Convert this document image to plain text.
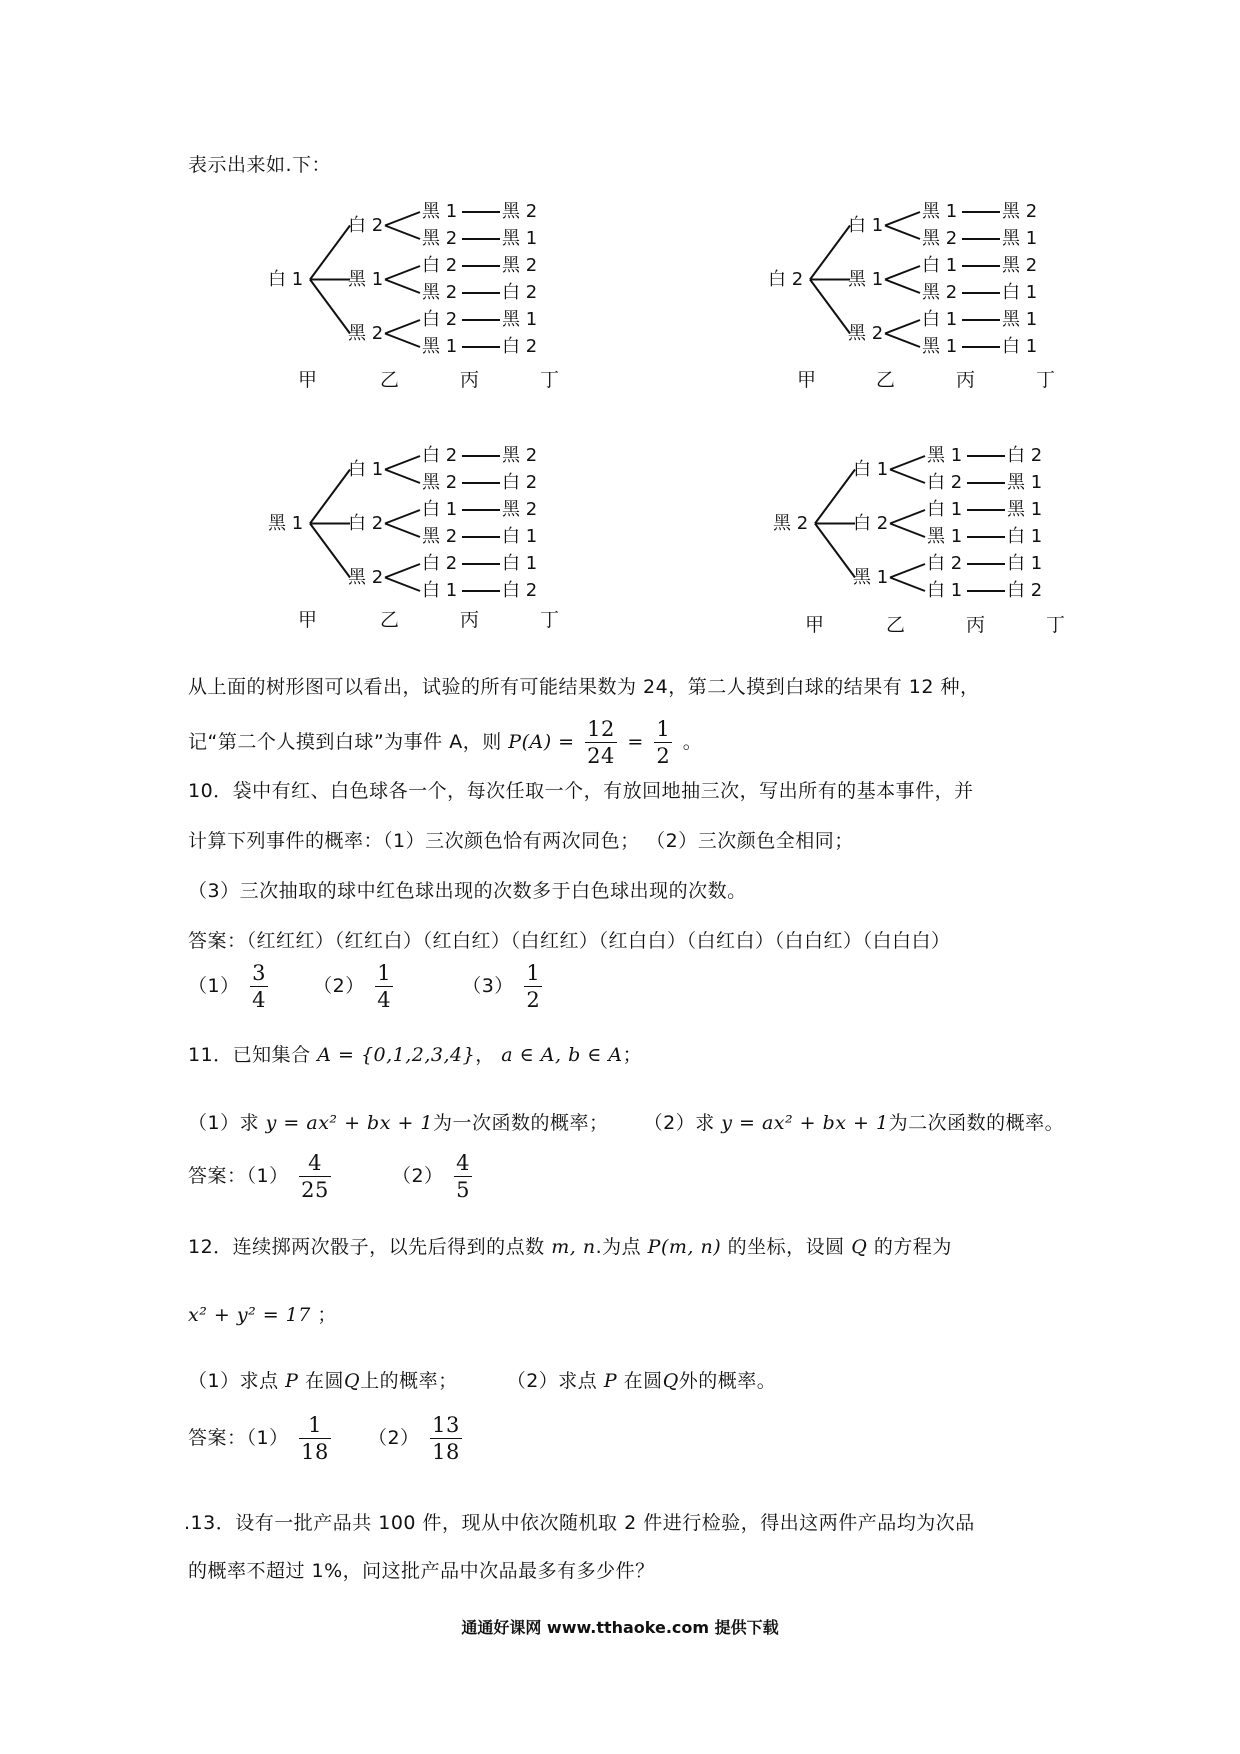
表示出来如.下：
白 1
白 2
黑 1
黑 2
黑 1 黑 2
黑 2 黑 1
白 2 黑 2
黑 2 白 2
白 2 黑 1
黑 1 白 2
甲	乙	丙	丁
白 2
白 1
黑 1
黑 2
黑 1 黑 2
黑 2 黑 1
白 1 黑 2
黑 2 白 1
白 1 黑 1
黑 1 白 1
甲	乙	丙	丁
黑 1
白 1
白 2
黑 2
白 2 黑 2
黑 2 白 2
白 1 黑 2
黑 2 白 1
白 2 白 1
白 1 白 2
甲	乙	丙	丁
黑 2
白 1
白 2
黑 1
黑 1 白 2
白 2 黑 1
白 1 黑 1
黑 1 白 1
白 2 白 1
白 1 白 2
甲	乙	丙	丁
从上面的树形图可以看出，试验的所有可能结果数为 24，第二人摸到白球的结果有 12 种，
记“第二个人摸到白球”为事件 A，则 $P(A) = \frac{12}{24} = \frac{1}{2}$ 。
10．袋中有红、白色球各一个，每次任取一个，有放回地抽三次，写出所有的基本事件，并
计算下列事件的概率：（1）三次颜色恰有两次同色； （2）三次颜色全相同；
（3）三次抽取的球中红色球出现的次数多于白色球出现的次数。
答案：（红红红）（红红白）（红白红）（白红红）（红白白）（白红白）（白白红）（白白白）
$(1) \frac{3}{4} (2) \frac{1}{4}$	$(3) \frac{1}{2}$
11．已知集合 A = {0,1,2,3,4}， a ∈ A, b ∈ A；
（1）求 y = ax² + bx + 1为一次函数的概率； （2）求 y = ax² + bx + 1为二次函数的概率。
答案：$(1) \frac{4}{25}$	$(2) \frac{4}{5}$
12．连续掷两次骰子，以先后得到的点数 m, n.为点 P(m, n) 的坐标，设圆 Q 的方程为
x² + y² = 17 ；
（1）求点 P 在圆Q上的概率；	（2）求点 P 在圆Q外的概率。
答案：$(1) \frac{1}{18} (2) \frac{13}{18}$
.13．设有一批产品共 100 件，现从中依次随机取 2 件进行检验，得出这两件产品均为次品
的概率不超过 1%，问这批产品中次品最多有多少件？
通通好课网 www.tthaoke.com 提供下载
